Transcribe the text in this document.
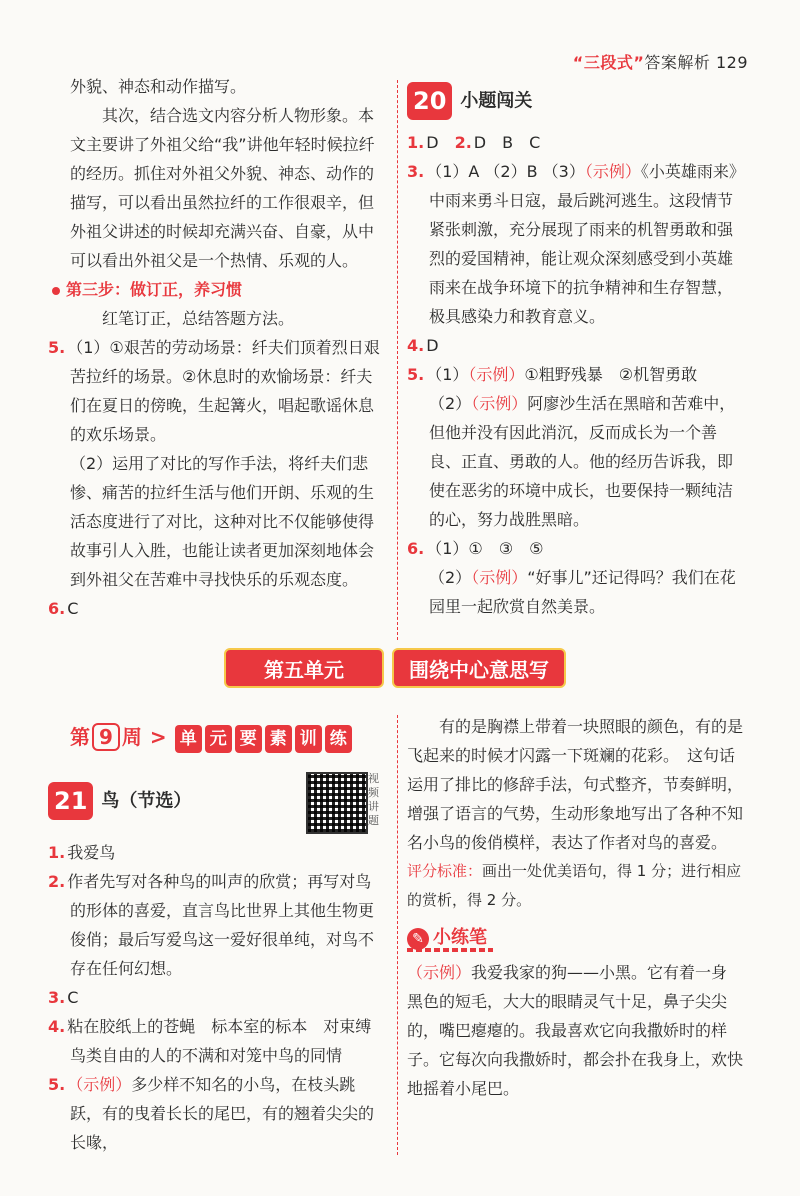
“三段式”答案解析 129

外貌、神态和动作描写。

其次，结合选文内容分析人物形象。本文主要讲了外祖父给“我”讲他年轻时候拉纤的经历。抓住对外祖父外貌、神态、动作的描写，可以看出虽然拉纤的工作很艰辛，但外祖父讲述的时候却充满兴奋、自豪，从中可以看出外祖父是一个热情、乐观的人。

第三步：做订正，养习惯

红笔订正，总结答题方法。

5. （1）①艰苦的劳动场景：纤夫们顶着烈日艰苦拉纤的场景。②休息时的欢愉场景：纤夫们在夏日的傍晚，生起篝火，唱起歌谣休息的欢乐场景。

（2）运用了对比的写作手法，将纤夫们悲惨、痛苦的拉纤生活与他们开朗、乐观的生活态度进行了对比，这种对比不仅能够使得故事引人入胜，也能让读者更加深刻地体会到外祖父在苦难中寻找快乐的乐观态度。

6. C

20 小题闯关

1. D　 2. D　B　C

3. （1）A （2）B （3）（示例）《小英雄雨来》中雨来勇斗日寇，最后跳河逃生。这段情节紧张刺激，充分展现了雨来的机智勇敢和强烈的爱国精神，能让观众深刻感受到小英雄雨来在战争环境下的抗争精神和生存智慧，极具感染力和教育意义。

4. D

5. （1）（示例）①粗野残暴　②机智勇敢

（2）（示例）阿廖沙生活在黑暗和苦难中，但他并没有因此消沉，反而成长为一个善良、正直、勇敢的人。他的经历告诉我，即使在恶劣的环境中成长，也要保持一颗纯洁的心，努力战胜黑暗。

6. （1）①　③　⑤

（2）（示例）“好事儿”还记得吗？我们在花园里一起欣赏自然美景。

第五单元	围绕中心意思写
第 9 周 > 单 元 要 素 训 练
视频讲题
21 鸟（节选）

1. 我爱鸟

2. 作者先写对各种鸟的叫声的欣赏；再写对鸟的形体的喜爱，直言鸟比世界上其他生物更俊俏；最后写爱鸟这一爱好很单纯，对鸟不存在任何幻想。

3. C

4. 粘在胶纸上的苍蝇　标本室的标本　对束缚鸟类自由的人的不满和对笼中鸟的同情

5. （示例）多少样不知名的小鸟，在枝头跳跃，有的曳着长长的尾巴，有的翘着尖尖的长喙，

有的是胸襟上带着一块照眼的颜色，有的是飞起来的时候才闪露一下斑斓的花彩。　这句话运用了排比的修辞手法，句式整齐，节奏鲜明，增强了语言的气势，生动形象地写出了各种不知名小鸟的俊俏模样，表达了作者对鸟的喜爱。

评分标准：画出一处优美语句，得 1 分；进行相应的赏析，得 2 分。

✎ 小练笔

（示例）我爱我家的狗——小黑。它有着一身黑色的短毛，大大的眼睛灵气十足，鼻子尖尖的，嘴巴瘪瘪的。我最喜欢它向我撒娇时的样子。它每次向我撒娇时，都会扑在我身上，欢快地摇着小尾巴。
